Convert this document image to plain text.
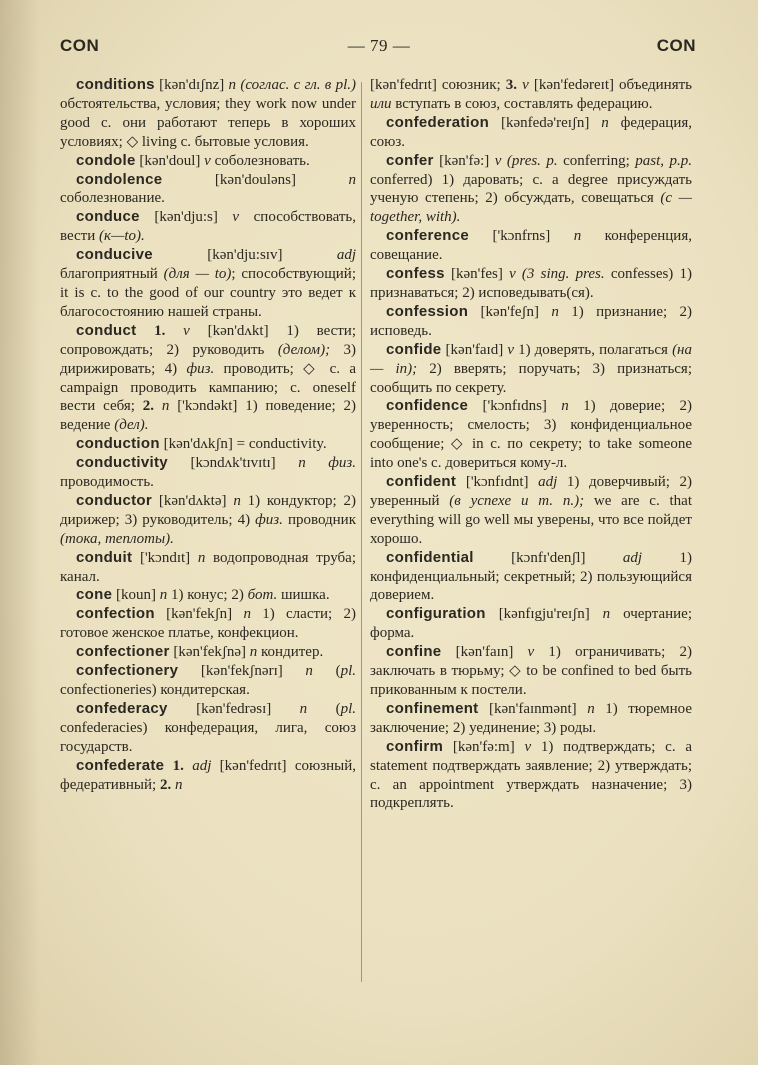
CON	— 79 —	CON

conditions [kən'dɪʃnz] n (соглас. с гл. в pl.) обстоятельства, условия; they work now under good c. они работают теперь в хороших условиях; ◇ living c. бытовые условия.

condole [kən'doul] v соболезновать.

condolence [kən'douləns] n соболезнование.

conduce [kən'dju:s] v способствовать, вести (к—to).

conducive [kən'dju:sɪv] adj благоприятный (для — to); способствующий; it is c. to the good of our country это ведет к благосостоянию нашей страны.

conduct 1. v [kən'dʌkt] 1) вести; сопровождать; 2) руководить (делом); 3) дирижировать; 4) физ. проводить; ◇ c. a campaign проводить кампанию; c. oneself вести себя; 2. n ['kɔndəkt] 1) поведение; 2) ведение (дел).

conduction [kən'dʌkʃn] = conductivity.

conductivity [kɔndʌk'tɪvɪtɪ] n физ. проводимость.

conductor [kən'dʌktə] n 1) кондуктор; 2) дирижер; 3) руководитель; 4) физ. проводник (тока, теплоты).

conduit ['kɔndɪt] n водопроводная труба; канал.

cone [koun] n 1) конус; 2) бот. шишка.

confection [kən'fekʃn] n 1) сласти; 2) готовое женское платье, конфекцион.

confectioner [kən'fekʃnə] n кондитер.

confectionery [kən'fekʃnərɪ] n (pl. confectioneries) кондитерская.

confederacy [kən'fedrəsɪ] n (pl. confederacies) конфедерация, лига, союз государств.

confederate 1. adj [kən'fedrɪt] союзный, федеративный; 2. n

[kən'fedrɪt] союзник; 3. v [kən'fedəreɪt] объединять или вступать в союз, составлять федерацию.

confederation [kənfedə'reɪʃn] n федерация, союз.

confer [kən'fə:] v (pres. p. conferring; past, p.p. conferred) 1) даровать; c. a degree присуждать ученую степень; 2) обсуждать, совещаться (с — together, with).

conference ['kɔnfrns] n конференция, совещание.

confess [kən'fes] v (3 sing. pres. confesses) 1) признаваться; 2) исповедывать(ся).

confession [kən'feʃn] n 1) признание; 2) исповедь.

confide [kən'faɪd] v 1) доверять, полагаться (на — in); 2) вверять; поручать; 3) признаться; сообщить по секрету.

confidence ['kɔnfɪdns] n 1) доверие; 2) уверенность; смелость; 3) конфиденциальное сообщение; ◇ in c. по секрету; to take someone into one's c. довериться кому-л.

confident ['kɔnfɪdnt] adj 1) доверчивый; 2) уверенный (в успехе и т. п.); we are c. that everything will go well мы уверены, что все пойдет хорошо.

confidential [kɔnfɪ'denʃl] adj 1) конфиденциальный; секретный; 2) пользующийся доверием.

configuration [kənfɪgju'reɪʃn] n очертание; форма.

confine [kən'faɪn] v 1) ограничивать; 2) заключать в тюрьму; ◇ to be confined to bed быть прикованным к постели.

confinement [kən'faɪnmənt] n 1) тюремное заключение; 2) уединение; 3) роды.

confirm [kən'fə:m] v 1) подтверждать; c. a statement подтверждать заявление; 2) утверждать; c. an appointment утверждать назначение; 3) подкреплять.
